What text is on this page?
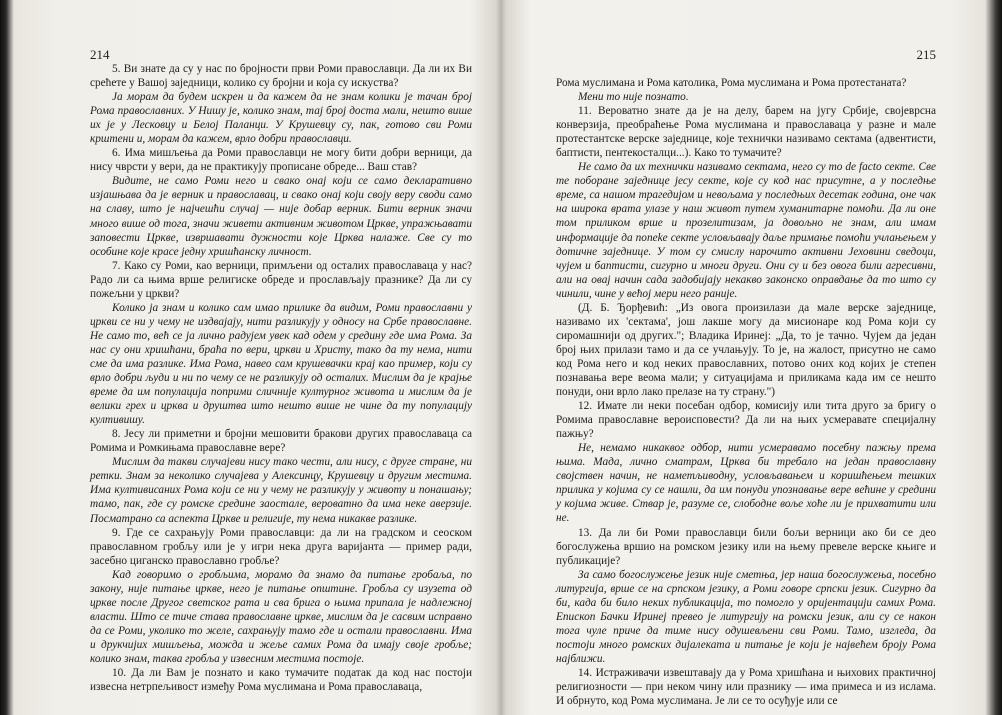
214

5. Ви знате да су у нас по бројности први Роми православци. Да ли их Ви срећете у Вашој заједници, колико су бројни и која су искуства?

Ја морам да будем искрен и да кажем да не знам колики је тачан број Рома православних. У Нишу је, колико знам, тај број доста мали, нешто више их је у Лесковцу и Белој Паланци. У Крушевцу су, пак, готово сви Роми крштени и, морам да кажем, врло добри православци.

6. Има мишљења да Роми православци не могу бити добри верници, да нису чврсти у вери, да не практикују прописане обреде... Ваш став?

Видите, не само Роми него и свако онај који се само декларативно изјашњава да је верник и православац, и свако онај који своју веру своди само на славу, што је најчешћи случај — није добар верник. Бити верник значи много више од тога, значи живети активним животом Цркве, упражњавати заповести Цркве, извршавати дужности које Црква налаже. Све су то особине које красе једну хришћанску личност.

7. Како су Роми, као верници, примљени од осталих православаца у нас? Радо ли са њима врше религиске обреде и прослављају празнике? Да ли су пожељни у цркви?

Колико ја знам и колико сам имао прилике да видим, Роми православни у цркви се ни у чему не издвајају, нити разликују у односу на Србе православне. Не само то, већ се ја лично радујем увек кад одем у средину где има Рома. За нас су они хришћани, браћа по вери, цркви и Христу, тако да ту нема, нити сме да има разлике. Има Рома, навео сам крушевачки крај као пример, који су врло добри људи и ни по чему се не разликују од осталих. Мислим да је крајње време да им популација поприми сличније културног живота и мислим да је велики грех и црква и друштва што нешто више не чине да ту популацију култивишу.

8. Јесу ли приметни и бројни мешовити бракови других православаца са Ромима и Ромкињама православне вере?

Мислим да такви случајеви нису тако чести, али нису, с друге стране, ни ретки. Знам за неколико случајева у Алексинцу, Крушевцу и другим местима. Има култивисаних Рома који се ни у чему не разликују у животу и понашању; тамо, пак, где су ромске средине заостале, вероватно да има неке аверзије. Посматрано са аспекта Цркве и религије, ту нема никакве разлике.

9. Где се сахрањују Роми православци: да ли на градском и сеоском православном гробљу или је у игри нека друга варијанта — пример ради, засебно циганско православно гробље?

Кад говоримо о гробљима, морамо да знамо да питање гробаља, по закону, није питање цркве, него је питање општине. Гробља су изузета од цркве после Другог светског рата и сва брига о њима припала је надлежној власти. Што се тиче става православне цркве, мислим да је сасвим исправно да се Роми, уколико то желе, сахрањују тамо где и остали православни. Има и друкчијих мишљења, можда и жеље самих Рома да имају своје гробље; колико знам, таква гробља у извесним местима постоје.

10. Да ли Вам је познато и како тумачите податак да код нас постоји извесна нетрпељивост између Рома муслимана и Рома православаца,

215

Рома муслимана и Рома католика, Рома муслимана и Рома протестаната?

Мени то није познато.

11. Вероватно знате да је на делу, барем на југу Србије, својеврсна конверзија, преобраћење Рома муслимана и православаца у разне и мале протестантске верске заједнице, које технички називамо сектама (адвентисти, баптисти, пентекосталци...). Како то тумачите?

Не само да их технички називамо сектама, него су то de facto секте. Све те поборане заједнице јесу секте, које су код нас присутне, а у последње време, са нашом трагедијом и невољама у последњих десетак година, оне чак на широка врата улазе у наш живот путем хуманитарне помоћи. Да ли оне том приликом врше и прозелитизам, ја довољно не знам, али имам информације да поneke секте условљавају даље примање помоћи учлањењем у дотичне заједнице. У том су смислу нарочито активни Јеховини сведоци, чујем и баптисти, сигурно и многи други. Они су и без овога били агресивни, али на овај начин сада задобијају некакво законско оправдање да то што су чинили, чине у већој мери него раније.

(Д. Б. Ђорђевић: „Из овога произилази да мале верске заједнице, називамо их 'сектама', још лакше могу да мисионаре код Рома који су сиромашнији од других."; Владика Иринеј: „Да, то је тачно. Чујем да један број њих прилази тамо и да се учлањују. То је, на жалост, присутно не само код Рома него и код неких православних, потово оних код којих је степен познавања вере веома мали; у ситуацијама и приликама када им се нешто понуди, они врло лако прелазе на ту страну.")

12. Имате ли неки посебан одбор, комисију или тита друго за бригу о Ромима православне вероисповести? Да ли на њих усмеравате специјалну пажњу?

Не, немамо никаквог одбор, нити усмеравамо посебну пажњу према њима. Мада, лично сматрам, Црква би требало на један православну својствен начин, не наметљиводну, условљавањем и коришћењем тешких прилика у којима су се нашли, да им понуди упознавање вере већине у средини у којима живе. Ствар је, разуме се, слободне воље хоће ли је прихватити или не.

13. Да ли би Роми православци били бољи верници ако би се део богослужења вршио на ромском језику или на њему превеле верске књиге и публикације?

За само богослужење језик није сметња, јер наша богослужења, посебно литургија, врше се на српском језику, а Роми говоре српски језик. Сигурно да би, када би било неких публикација, то помогло у оријентацији самих Рома. Епископ Бачки Иринеј превео је литургију на ромски језик, али су се након тога чуле приче да тиме нису одушевљени сви Роми. Тамо, изгледа, да постоји много ромских дијалеката и питање је који је највећем броју Рома најближи.

14. Истраживачи извештавају да у Рома хришћана и њихових практичној религиозности — при неком чину или празнику — има примеса и из ислама. И обрнуто, код Рома муслимана. Је ли се то осуђује или се
